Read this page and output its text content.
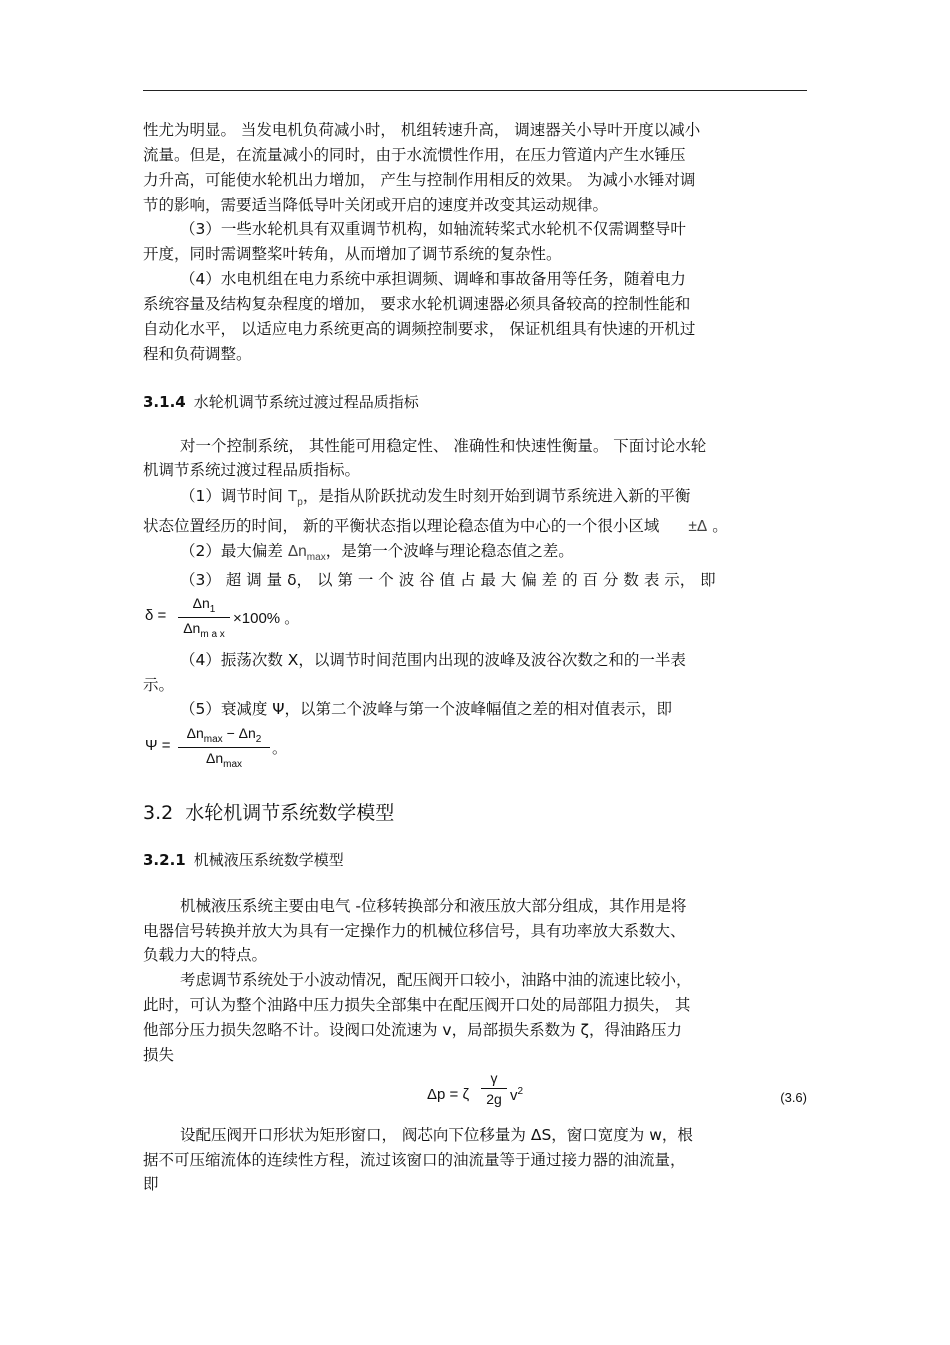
性尤为明显。 当发电机负荷减小时， 机组转速升高， 调速器关小导叶开度以减小
流量。但是，在流量减小的同时，由于水流惯性作用，在压力管道内产生水锤压
力升高，可能使水轮机出力增加， 产生与控制作用相反的效果。 为减小水锤对调
节的影响，需要适当降低导叶关闭或开启的速度并改变其运动规律。
（3）一些水轮机具有双重调节机构，如轴流转桨式水轮机不仅需调整导叶
开度，同时需调整桨叶转角，从而增加了调节系统的复杂性。
（4）水电机组在电力系统中承担调频、调峰和事故备用等任务，随着电力
系统容量及结构复杂程度的增加， 要求水轮机调速器必须具备较高的控制性能和
自动化水平， 以适应电力系统更高的调频控制要求， 保证机组具有快速的开机过
程和负荷调整。
3.1.4 水轮机调节系统过渡过程品质指标
对一个控制系统， 其性能可用稳定性、 准确性和快速性衡量。 下面讨论水轮
机调节系统过渡过程品质指标。
（1）调节时间 $T_p$，是指从阶跃扰动发生时刻开始到调节系统进入新的平衡
状态位置经历的时间， 新的平衡状态指以理论稳态值为中心的一个很小区域 ±Δ 。
（2）最大偏差 $\Delta n_{max}$，是第一个波峰与理论稳态值之差。
（3） 超 调 量 δ， 以 第 一 个 波 谷 值 占 最 大 偏 差 的 百 分 数 表 示， 即
δ =
$\Delta n_1$
$\Delta n_{m a x}$
×100% 。
（4）振荡次数 X，以调节时间范围内出现的波峰及波谷次数之和的一半表
示。
（5）衰减度 Ψ，以第二个波峰与第一个波峰幅值之差的相对值表示，即
Ψ =
$\Delta n_{max} - \Delta n_2$
$\Delta n_{max}$
。
3.2 水轮机调节系统数学模型
3.2.1 机械液压系统数学模型
机械液压系统主要由电气 -位移转换部分和液压放大部分组成，其作用是将
电器信号转换并放大为具有一定操作力的机械位移信号，具有功率放大系数大、
负载力大的特点。
考虑调节系统处于小波动情况，配压阀开口较小，油路中油的流速比较小，
此时，可认为整个油路中压力损失全部集中在配压阀开口处的局部阻力损失， 其
他部分压力损失忽略不计。设阀口处流速为 v，局部损失系数为 ζ，得油路压力
损失
Δp = ζ
γ
2g $v^2$	(3.6)
设配压阀开口形状为矩形窗口， 阀芯向下位移量为 ΔS，窗口宽度为 w，根
据不可压缩流体的连续性方程，流过该窗口的油流量等于通过接力器的油流量，
即
